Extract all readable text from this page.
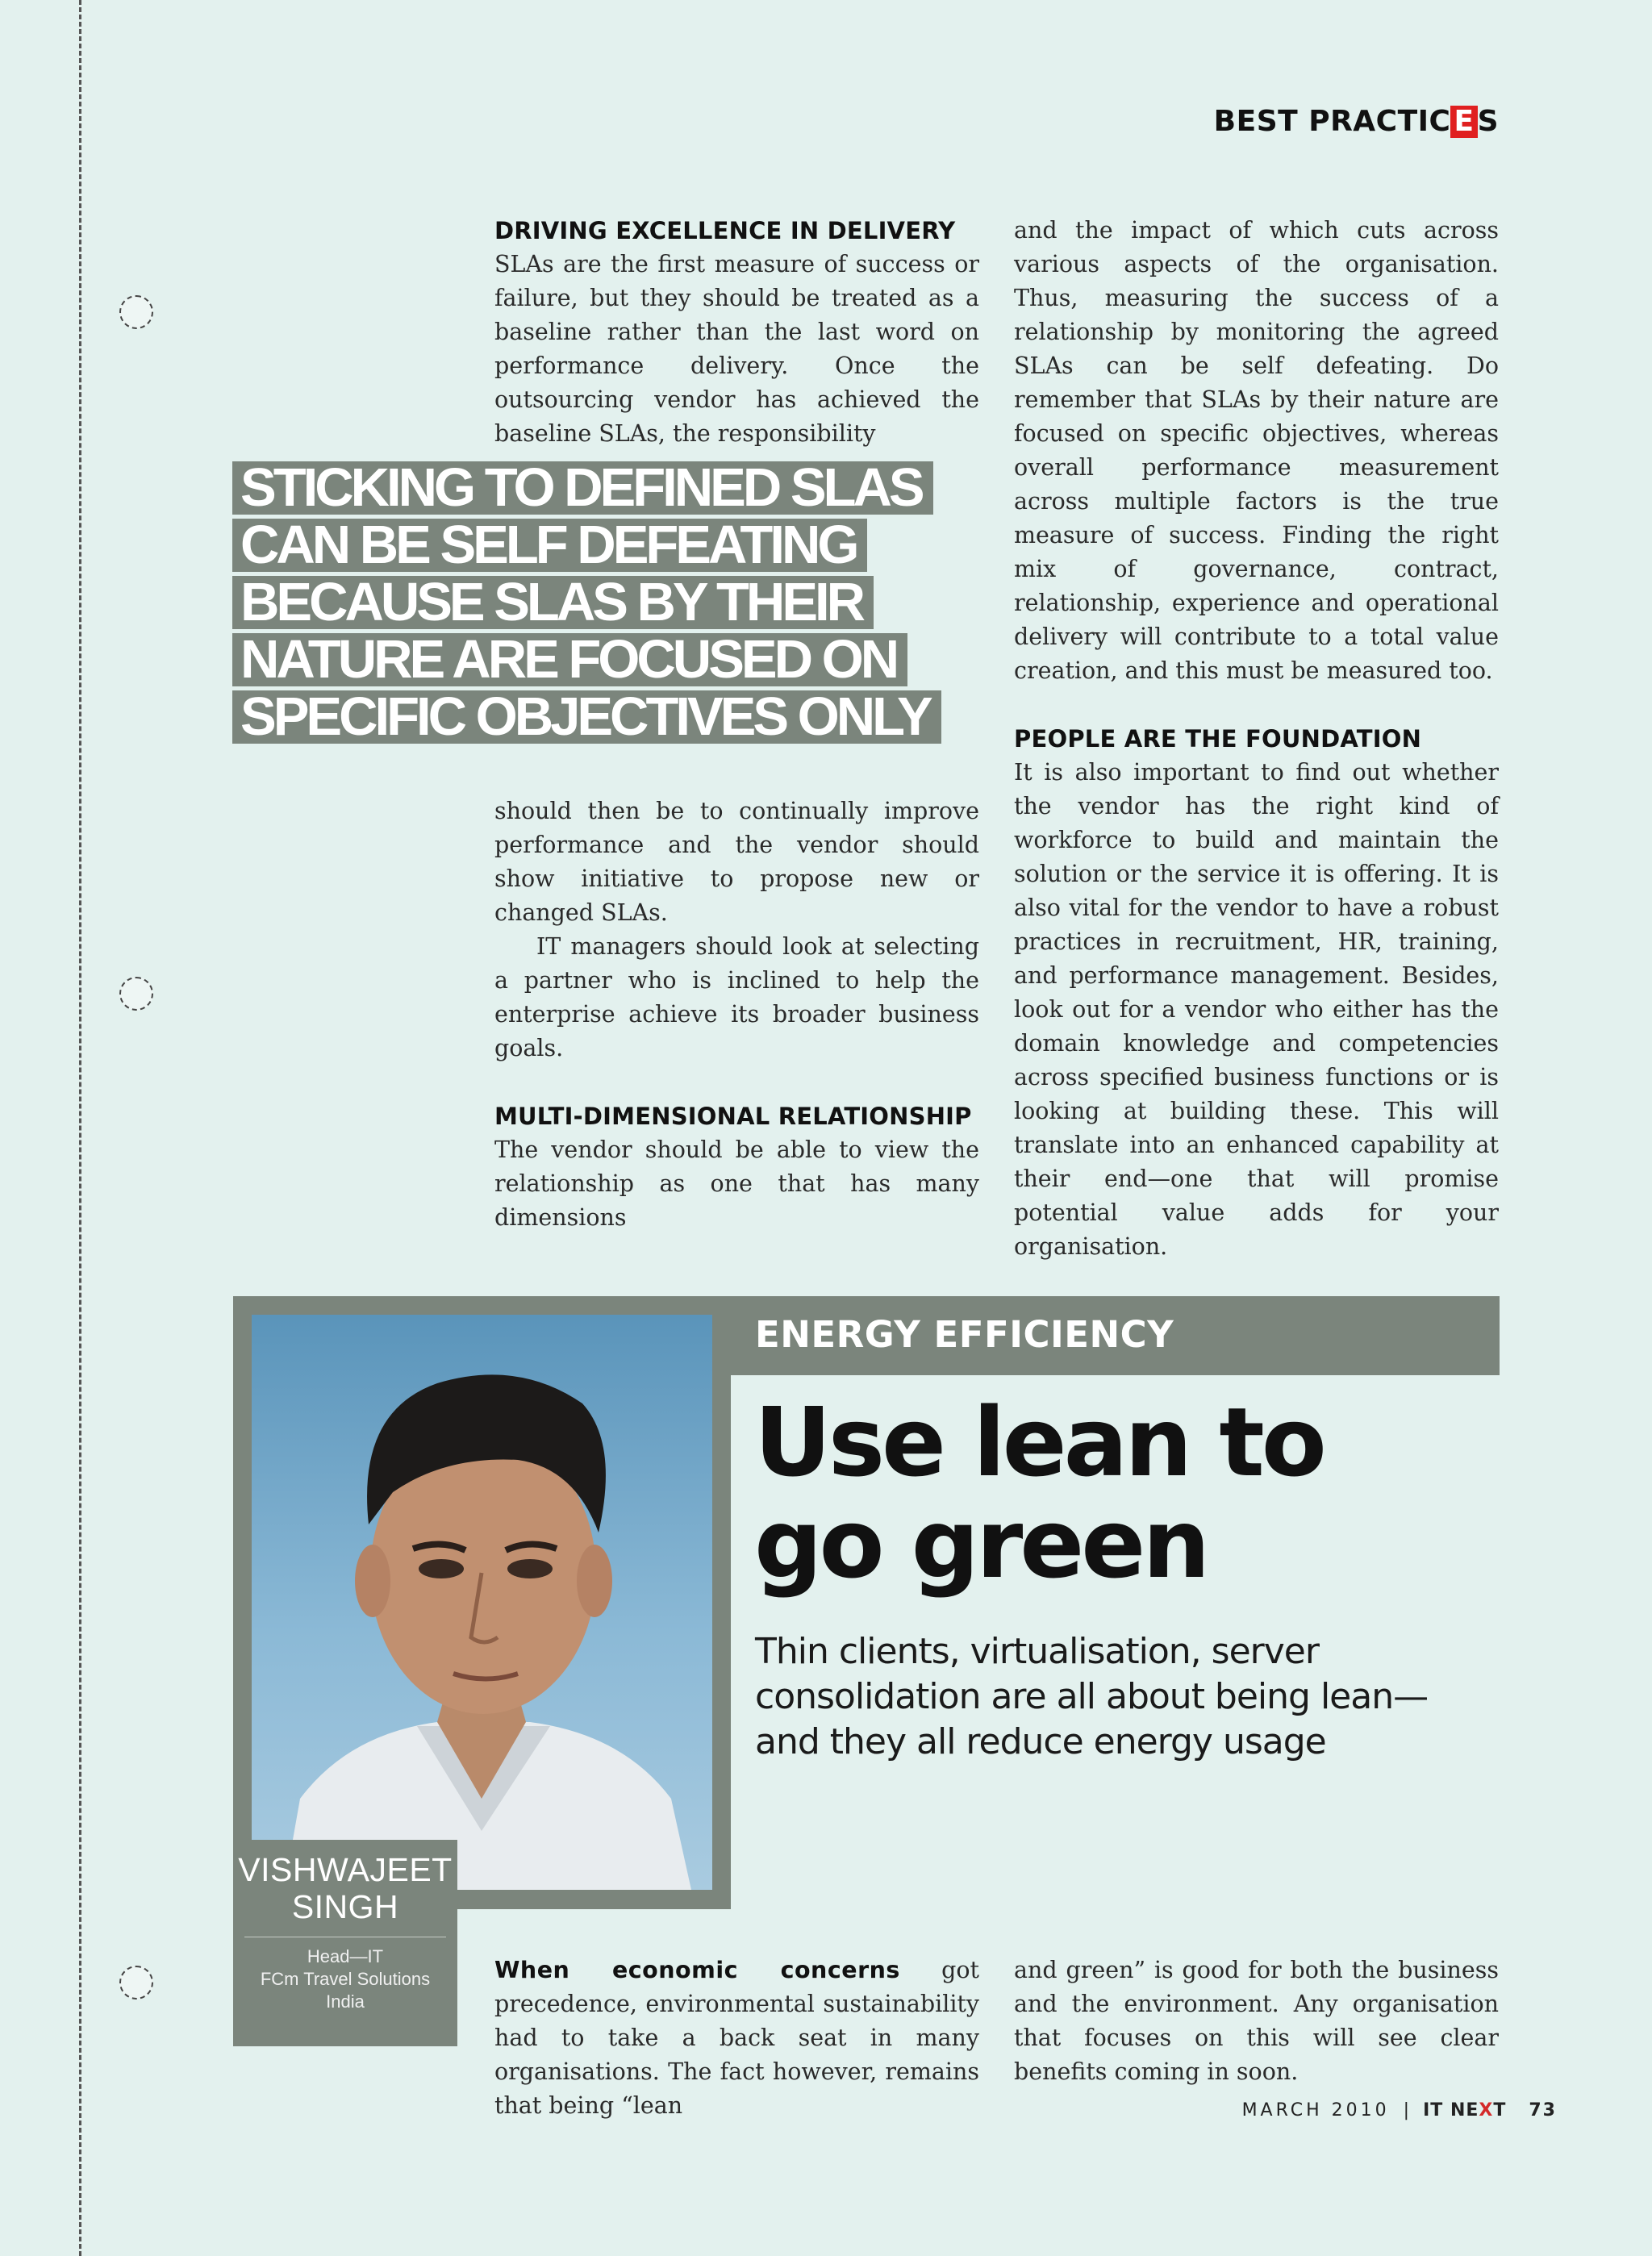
BEST PRACTIC E S
DRIVING EXCELLENCE IN DELIVERY

SLAs are the first measure of success or failure, but they should be treated as a baseline rather than the last word on performance delivery. Once the outsourcing vendor has achieved the baseline SLAs, the responsibility

should then be to continually improve performance and the vendor should show initiative to propose new or changed SLAs.

IT managers should look at selecting a partner who is inclined to help the enterprise achieve its broader business goals.

MULTI-DIMENSIONAL RELATIONSHIP

The vendor should be able to view the relationship as one that has many dimensions

and the impact of which cuts across various aspects of the organisation. Thus, measuring the success of a relationship by monitoring the agreed SLAs can be self defeating. Do remember that SLAs by their nature are focused on specific objectives, whereas overall performance measurement across multiple factors is the true measure of success. Finding the right mix of governance, contract, relationship, experience and operational delivery will contribute to a total value creation, and this must be measured too.

PEOPLE ARE THE FOUNDATION

It is also important to find out whether the vendor has the right kind of workforce to build and maintain the solution or the service it is offering. It is also vital for the vendor to have a robust practices in recruitment, HR, training, and performance management. Besides, look out for a vendor who either has the domain knowledge and competencies across specified business functions or is looking at building these. This will translate into an enhanced capability at their end—one that will promise potential value adds for your organisation.

STICKING TO DEFINED SLAS
CAN BE SELF DEFEATING
BECAUSE SLAS BY THEIR
NATURE ARE FOCUSED ON
SPECIFIC OBJECTIVES ONLY
VISHWAJEET
SINGH
Head—IT
FCm Travel Solutions
India
ENERGY EFFICIENCY
Use lean to go green
Thin clients, virtualisation, server consolidation are all about being lean—and they all reduce energy usage

When economic concerns got precedence, environmental sustainability had to take a back seat in many organisations. The fact however, remains that being “lean

and green” is good for both the business and the environment. Any organisation that focuses on this will see clear benefits coming in soon.

MARCH 2010 | IT NEXT 73
